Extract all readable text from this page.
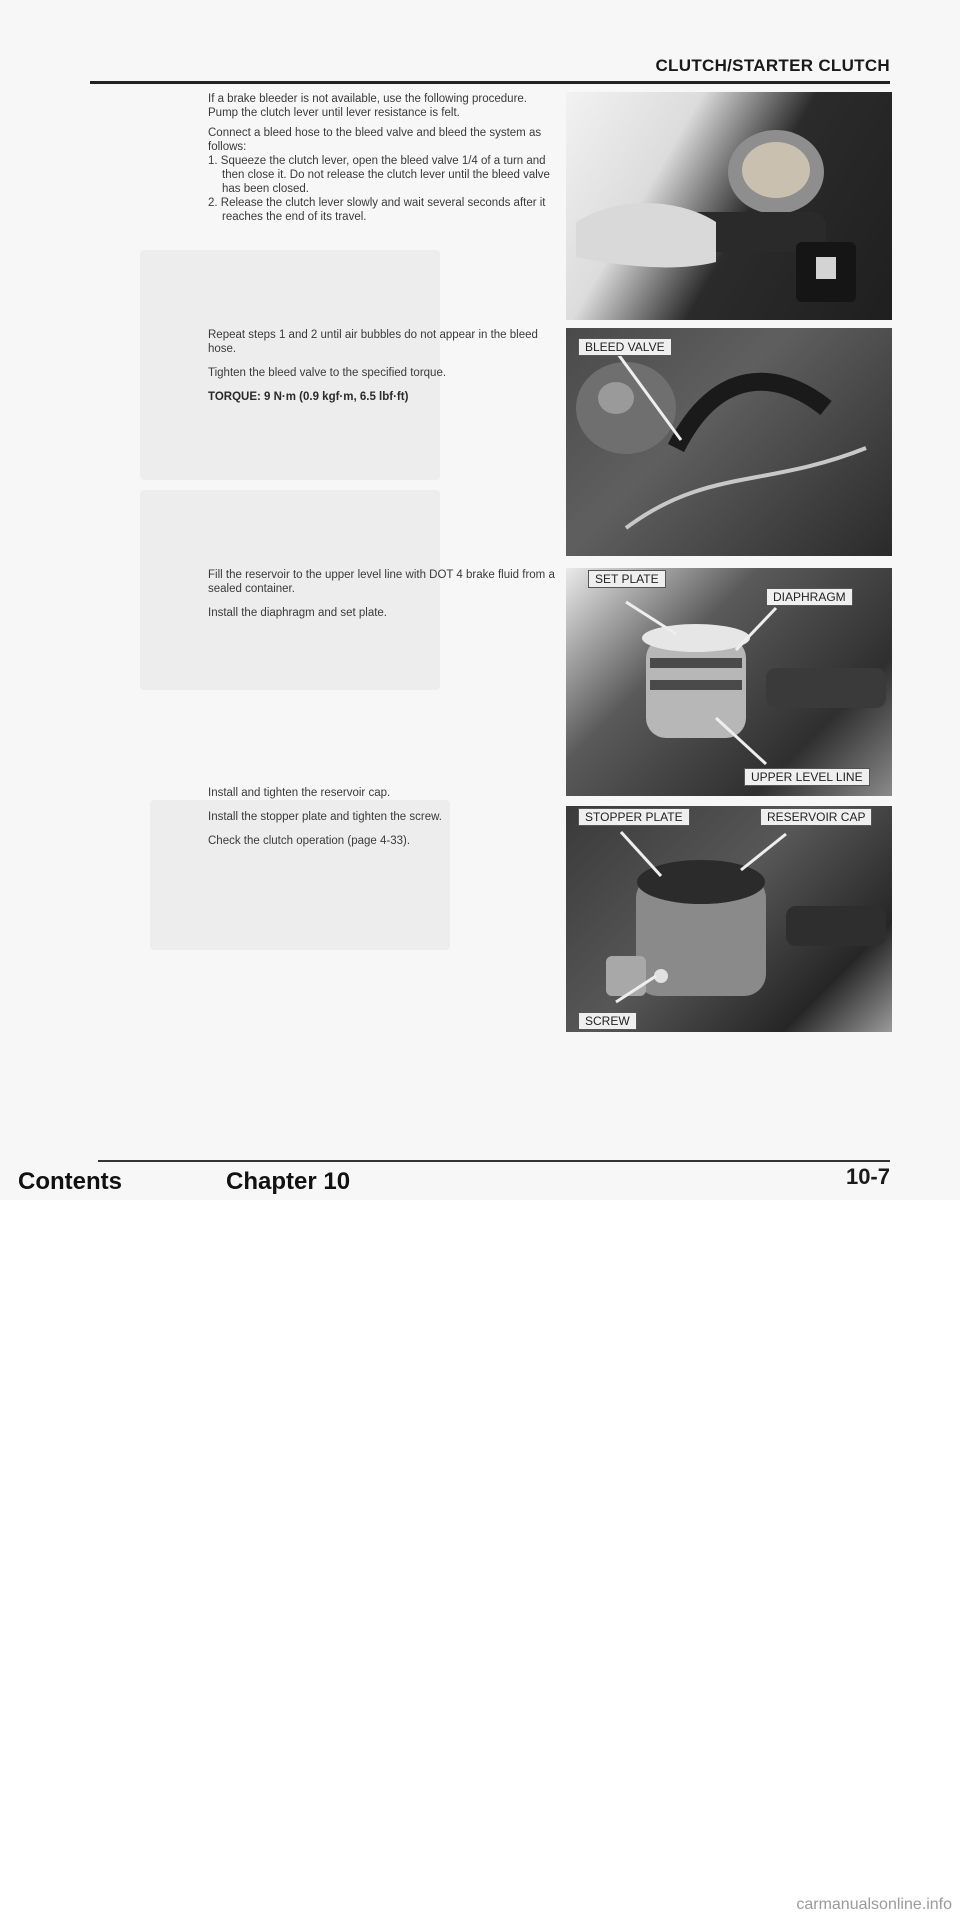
CLUTCH/STARTER CLUTCH

If a brake bleeder is not available, use the following procedure.

Pump the clutch lever until lever resistance is felt.

Connect a bleed hose to the bleed valve and bleed the system as follows:

1. Squeeze the clutch lever, open the bleed valve 1/4 of a turn and then close it. Do not release the clutch lever until the bleed valve has been closed.
2. Release the clutch lever slowly and wait several seconds after it reaches the end of its travel.

Repeat steps 1 and 2 until air bubbles do not appear in the bleed hose.

Tighten the bleed valve to the specified torque.

TORQUE: 9 N·m (0.9 kgf·m, 6.5 lbf·ft)

Fill the reservoir to the upper level line with DOT 4 brake fluid from a sealed container.

Install the diaphragm and set plate.

Install and tighten the reservoir cap.

Install the stopper plate and tighten the screw.

Check the clutch operation (page 4-33).

BLEED VALVE
SET PLATE
DIAPHRAGM
UPPER LEVEL LINE
STOPPER PLATE	RESERVOIR CAP
SCREW
10-7
Contents	Chapter 10
carmanualsonline.info
